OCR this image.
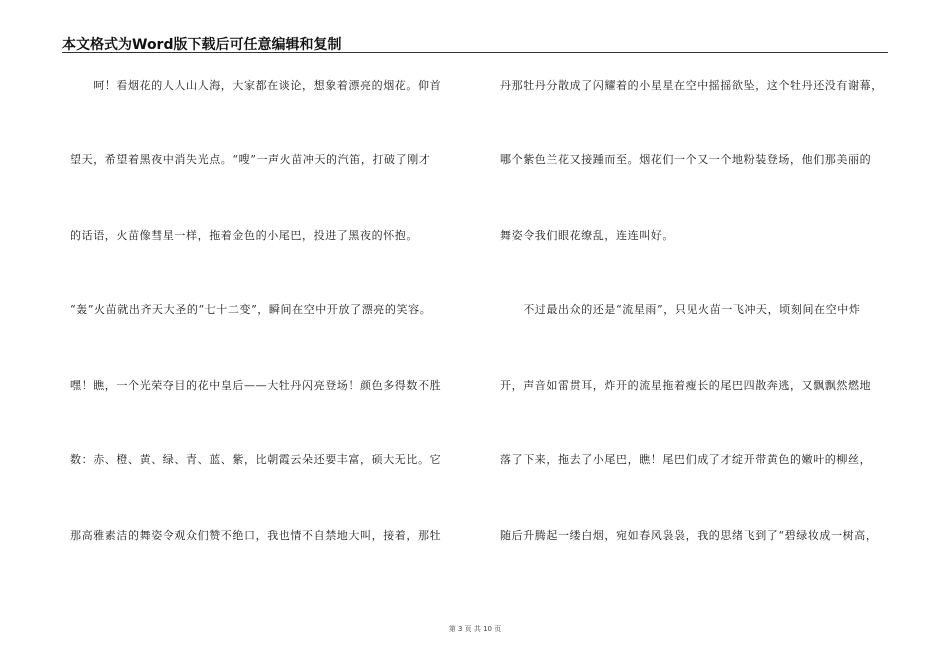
本文格式为Word版下载后可任意编辑和复制
　　呵！看烟花的人人山人海，大家都在谈论，想象着漂亮的烟花。仰首
望天，希望着黑夜中消失光点。“嗖”一声火苗冲天的汽笛，打破了刚才
的话语，火苗像彗星一样，拖着金色的小尾巴，投进了黑夜的怀抱。
“轰”火苗就出齐天大圣的“七十二变”，瞬间在空中开放了漂亮的笑容。
嘿！瞧，一个光荣夺目的花中皇后——大牡丹闪亮登场！颜色多得数不胜
数：赤、橙、黄、绿、青、蓝、紫，比朝霞云朵还要丰富，硕大无比。它
那高雅素洁的舞姿令观众们赞不绝口，我也情不自禁地大叫，接着，那牡
丹那牡丹分散成了闪耀着的小星星在空中摇摇欲坠，这个牡丹还没有谢幕，
哪个紫色兰花又接踵而至。烟花们一个又一个地粉装登场，他们那美丽的
舞姿令我们眼花缭乱，连连叫好。
　　不过最出众的还是“流星雨”，只见火苗一飞冲天，顷刻间在空中炸
开，声音如雷贯耳，炸开的流星拖着瘦长的尾巴四散奔逃，又飘飘然燃地
落了下来，拖去了小尾巴，瞧！尾巴们成了才绽开带黄色的嫩叶的柳丝，
随后升腾起一缕白烟，宛如春风袅袅，我的思绪飞到了“碧绿妆成一树高，
第 3 页 共 10 页
